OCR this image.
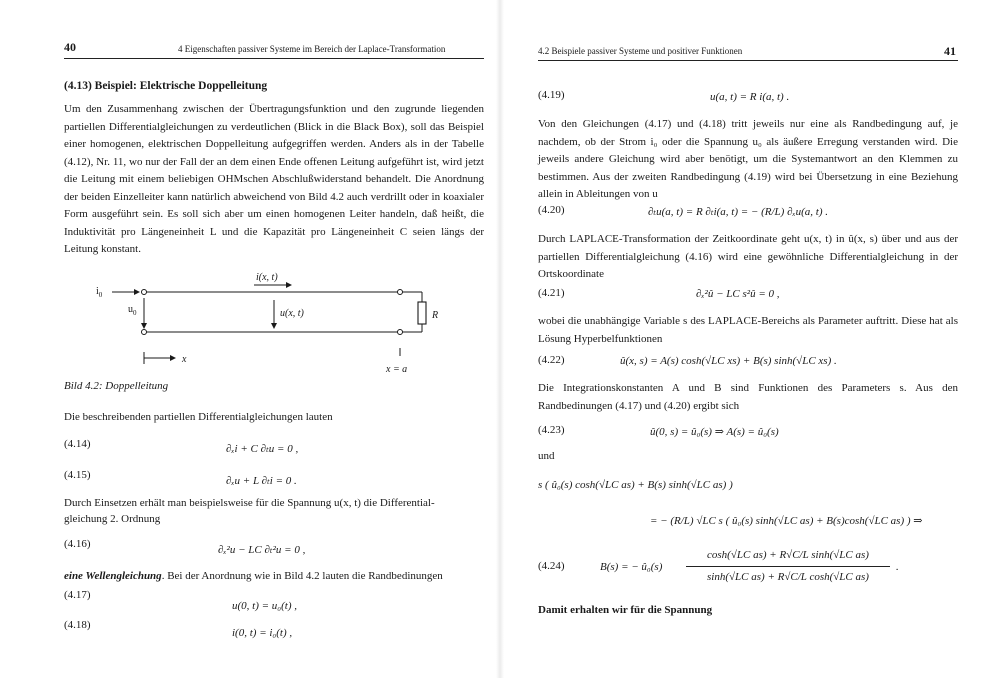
40	4 Eigenschaften passiver Systeme im Bereich der Laplace-Transformation
(4.13) Beispiel: Elektrische Doppelleitung
Um den Zusammenhang zwischen der Übertragungsfunktion und den zugrunde liegenden partiellen Differentialgleichungen zu verdeutlichen (Blick in die Black Box), soll das Beispiel einer homogenen, elektrischen Doppelleitung aufgegriffen werden. Anders als in der Tabelle (4.12), Nr. 11, wo nur der Fall der an dem einen Ende offenen Leitung aufgeführt ist, wird jetzt die Leitung mit einem beliebigen OHMschen Abschlußwiderstand behandelt. Die Anordnung der beiden Einzelleiter kann natürlich abweichend von Bild 4.2 auch verdrillt oder in koaxialer Form ausgeführt sein. Es soll sich aber um einen homogenen Leiter handeln, daß heißt, die Induktivität pro Längeneinheit L und die Kapazität pro Längeneinheit C seien längs der Leitung konstant.
$i_0$
$u_0$
i(x, t)
u(x, t)	R
x = a
x
Bild 4.2: Doppelleitung
Die beschreibenden partiellen Differentialgleichungen lauten
(4.14)	∂ₓi + C ∂ₜu = 0 ,
(4.15)	∂ₓu + L ∂ₜi = 0 .
Durch Einsetzen erhält man beispielsweise für die Spannung u(x, t) die Differential-
gleichung 2. Ordnung
(4.16)	∂ₓ²u − LC ∂ₜ²u = 0 ,
eine Wellengleichung. Bei der Anordnung wie in Bild 4.2 lauten die Randbedinungen
(4.17)
u(0, t) = u₀(t) ,
(4.18)
i(0, t) = i₀(t) ,
4.2 Beispiele passiver Systeme und positiver Funktionen	41
(4.19)	u(a, t) = R i(a, t) .
Von den Gleichungen (4.17) und (4.18) tritt jeweils nur eine als Randbedingung auf, je nachdem, ob der Strom i₀ oder die Spannung u₀ als äußere Erregung verstanden wird. Die jeweils andere Gleichung wird aber benötigt, um die Systemantwort an den Klemmen zu bestimmen. Aus der zweiten Randbedingung (4.19) wird bei Übersetzung in eine Beziehung allein in Ableitungen von u
(4.20)	∂ₜu(a, t) = R ∂ₜi(a, t) = − (R/L) ∂ₓu(a, t) .
Durch LAPLACE-Transformation der Zeitkoordinate geht u(x, t) in û(x, s) über und aus der partiellen Differentialgleichung (4.16) wird eine gewöhnliche Differentialgleichung in der Ortskoordinate
(4.21)	∂ₓ²û − LC s²û = 0 ,
wobei die unabhängige Variable s des LAPLACE-Bereichs als Parameter auftritt. Diese hat als Lösung Hyperbelfunktionen
(4.22)	û(x, s) = A(s) cosh(√LC xs) + B(s) sinh(√LC xs) .
Die Integrationskonstanten A und B sind Funktionen des Parameters s. Aus den Randbedinungen (4.17) und (4.20) ergibt sich
(4.23)	û(0, s) = û₀(s) ⇒ A(s) = û₀(s)
und
s ( û₀(s) cosh(√LC as) + B(s) sinh(√LC as) )
= − (R/L) √LC s ( û₀(s) sinh(√LC as) + B(s)cosh(√LC as) ) ⇒
(4.24)	B(s) = − û₀(s)
cosh(√LC as) + R√C/L sinh(√LC as)
sinh(√LC as) + R√C/L cosh(√LC as)
.
Damit erhalten wir für die Spannung
